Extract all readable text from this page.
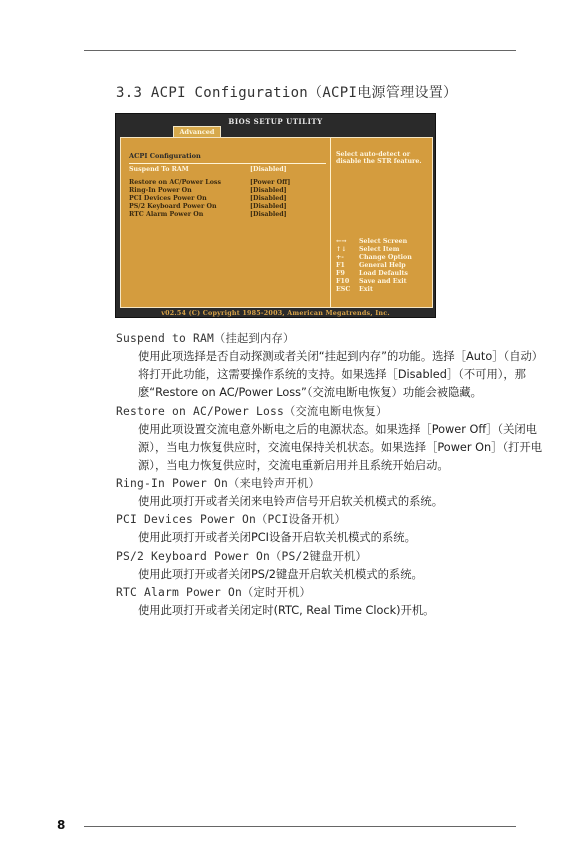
3.3 ACPI Configuration（ACPI电源管理设置）
BIOS SETUP UTILITY
Advanced
ACPI Configuration
Suspend To RAM	[Disabled]
Restore on AC/Power Loss	[Power Off]
Ring-In Power On	[Disabled]
PCI Devices Power On	[Disabled]
PS/2 Keyboard Power On	[Disabled]
RTC Alarm Power On	[Disabled]
Select auto-detect or disable the STR feature.
←→ Select Screen
↑↓ Select Item
+- Change Option
F1 General Help
F9 Load Defaults
F10 Save and Exit
ESC Exit
v02.54 (C) Copyright 1985-2003, American Megatrends, Inc.
Suspend to RAM（挂起到内存）
使用此项选择是否自动探测或者关闭“挂起到内存”的功能。选择［Auto］（自动）将打开此功能，这需要操作系统的支持。如果选择［Disabled］（不可用），那麽“Restore on AC/Power Loss”（交流电断电恢复）功能会被隐藏。
Restore on AC/Power Loss（交流电断电恢复）
使用此项设置交流电意外断电之后的电源状态。如果选择［Power Off］（关闭电源），当电力恢复供应时，交流电保持关机状态。如果选择［Power On］（打开电源），当电力恢复供应时，交流电重新启用并且系统开始启动。
Ring-In Power On（来电铃声开机）
使用此项打开或者关闭来电铃声信号开启软关机模式的系统。
PCI Devices Power On（PCI设备开机）
使用此项打开或者关闭PCI设备开启软关机模式的系统。
PS/2 Keyboard Power On（PS/2键盘开机）
使用此项打开或者关闭PS/2键盘开启软关机模式的系统。
RTC Alarm Power On（定时开机）
使用此项打开或者关闭定时(RTC, Real Time Clock)开机。
8
